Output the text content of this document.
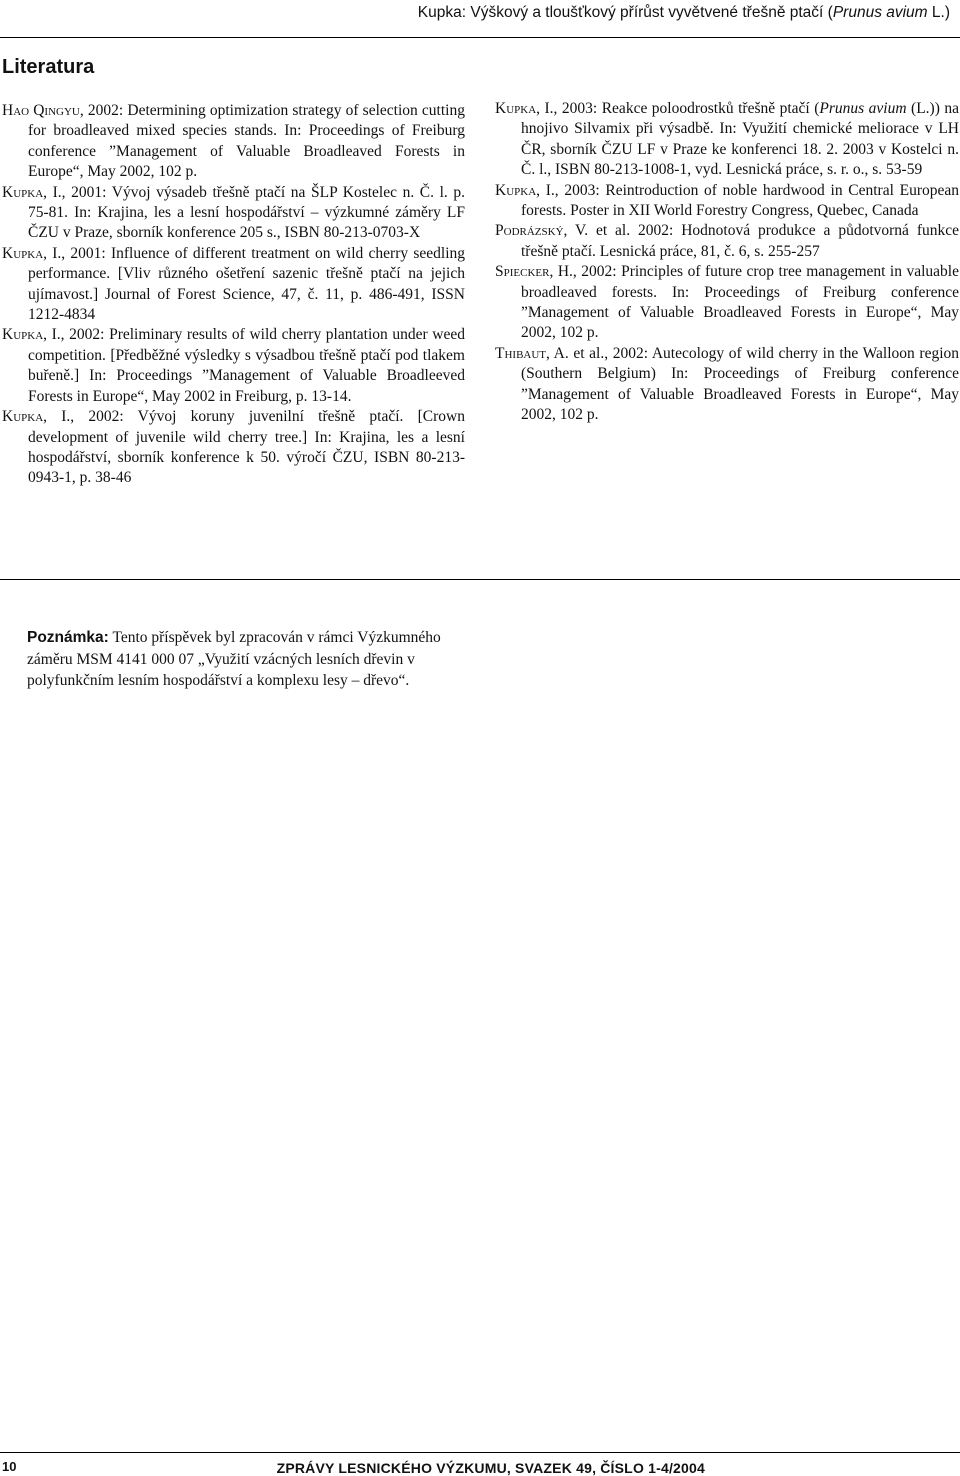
Kupka: Výškový a tloušťkový přírůst vyvětvené třešně ptačí (Prunus avium L.)
Literatura

Hao Qingyu, 2002: Determining optimization strategy of selection cutting for broadleaved mixed species stands. In: Proceedings of Freiburg conference ”Management of Valuable Broadleaved Forests in Europe“, May 2002, 102 p.

Kupka, I., 2001: Vývoj výsadeb třešně ptačí na ŠLP Kostelec n. Č. l. p. 75-81. In: Krajina, les a lesní hospodářství – výzkumné záměry LF ČZU v Praze, sborník konference 205 s., ISBN 80-213-0703-X

Kupka, I., 2001: Influence of different treatment on wild cherry seedling performance. [Vliv různého ošetření sazenic třešně ptačí na jejich ujímavost.] Journal of Forest Science, 47, č. 11, p. 486-491, ISSN 1212-4834

Kupka, I., 2002: Preliminary results of wild cherry plantation under weed competition. [Předběžné výsledky s výsadbou třešně ptačí pod tlakem buřeně.] In: Proceedings ”Management of Valuable Broadleeved Forests in Europe“, May 2002 in Freiburg, p. 13-14.

Kupka, I., 2002: Vývoj koruny juvenilní třešně ptačí. [Crown development of juvenile wild cherry tree.] In: Krajina, les a lesní hospodářství, sborník konference k 50. výročí ČZU, ISBN 80-213-0943-1, p. 38-46

Kupka, I., 2003: Reakce poloodrostků třešně ptačí (Prunus avium (L.)) na hnojivo Silvamix při výsadbě. In: Využití chemické meliorace v LH ČR, sborník ČZU LF v Praze ke konferenci 18. 2. 2003 v Kostelci n. Č. l., ISBN 80-213-1008-1, vyd. Lesnická práce, s. r. o., s. 53-59

Kupka, I., 2003: Reintroduction of noble hardwood in Central European forests. Poster in XII World Forestry Congress, Quebec, Canada

Podrázský, V. et al. 2002: Hodnotová produkce a půdotvorná funkce třešně ptačí. Lesnická práce, 81, č. 6, s. 255-257

Spiecker, H., 2002: Principles of future crop tree management in valuable broadleaved forests. In: Proceedings of Freiburg conference ”Management of Valuable Broadleaved Forests in Europe“, May 2002, 102 p.

Thibaut, A. et al., 2002: Autecology of wild cherry in the Walloon region (Southern Belgium) In: Proceedings of Freiburg conference ”Management of Valuable Broadleaved Forests in Europe“, May 2002, 102 p.

Poznámka: Tento příspěvek byl zpracován v rámci Výzkumného záměru MSM 4141 000 07 „Využití vzácných lesních dřevin v polyfunkčním lesním hospodářství a komplexu lesy – dřevo“.

10	ZPRÁVY LESNICKÉHO VÝZKUMU, SVAZEK 49, ČÍSLO 1-4/2004
